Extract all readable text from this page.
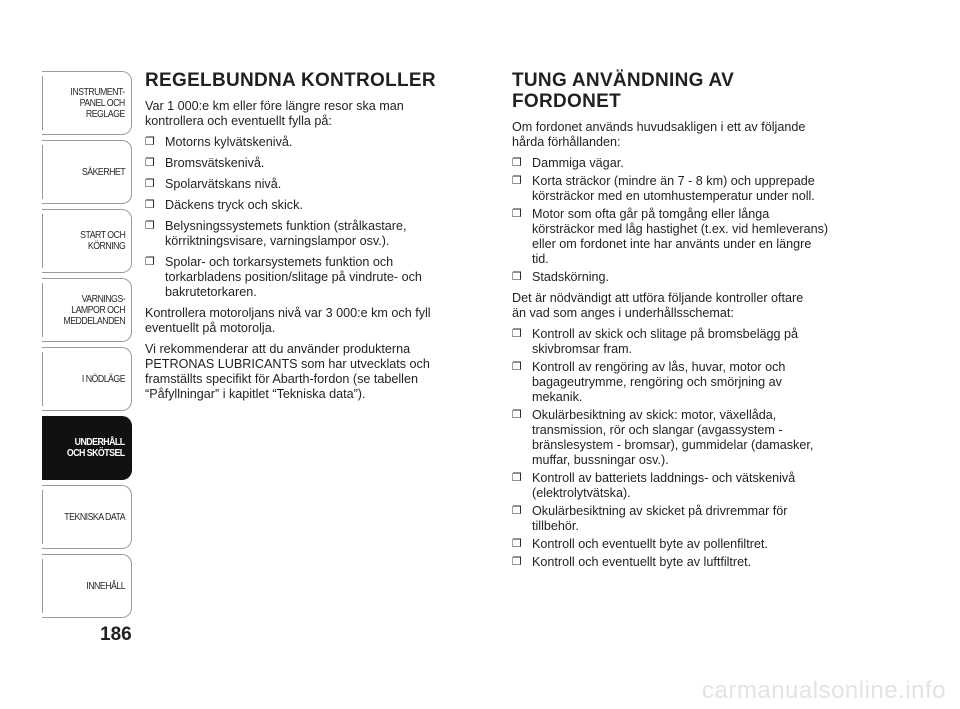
INSTRUMENT-
PANEL OCH
REGLAGE
SÄKERHET
START OCH
KÖRNING
VARNINGS-
LAMPOR OCH
MEDDELANDEN
I NÖDLÄGE
UNDERHÅLL
OCH SKÖTSEL
TEKNISKA DATA
INNEHÅLL
186
REGELBUNDNA KONTROLLER

Var 1 000:e km eller före längre resor ska man
kontrollera och eventuellt fylla på:

❐ Motorns kylvätskenivå.
❐ Bromsvätskenivå.
❐ Spolarvätskans nivå.
❐ Däckens tryck och skick.
❐ Belysningssystemets funktion (strålkastare,
körriktningsvisare, varningslampor osv.).
❐ Spolar- och torkarsystemets funktion och
torkarbladens position/slitage på vindrute- och
bakrutetorkaren.

Kontrollera motoroljans nivå var 3 000:e km och fyll
eventuellt på motorolja.

Vi rekommenderar att du använder produkterna
PETRONAS LUBRICANTS som har utvecklats och
framställts specifikt för Abarth-fordon (se tabellen
“Påfyllningar” i kapitlet “Tekniska data”).

TUNG ANVÄNDNING AV
FORDONET

Om fordonet används huvudsakligen i ett av följande
hårda förhållanden:

❐ Dammiga vägar.
❐ Korta sträckor (mindre än 7 - 8 km) och upprepade
körsträckor med en utomhustemperatur under noll.
❐ Motor som ofta går på tomgång eller långa
körsträckor med låg hastighet (t.ex. vid hemleverans)
eller om fordonet inte har använts under en längre
tid.
❐ Stadskörning.

Det är nödvändigt att utföra följande kontroller oftare
än vad som anges i underhållsschemat:

❐ Kontroll av skick och slitage på bromsbelägg på
skivbromsar fram.
❐ Kontroll av rengöring av lås, huvar, motor och
bagageutrymme, rengöring och smörjning av
mekanik.
❐ Okulärbesiktning av skick: motor, växellåda,
transmission, rör och slangar (avgassystem -
bränslesystem - bromsar), gummidelar (damasker,
muffar, bussningar osv.).
❐ Kontroll av batteriets laddnings- och vätskenivå
(elektrolytvätska).
❐ Okulärbesiktning av skicket på drivremmar för
tillbehör.
❐ Kontroll och eventuellt byte av pollenfiltret.
❐ Kontroll och eventuellt byte av luftfiltret.
carmanualsonline.info
